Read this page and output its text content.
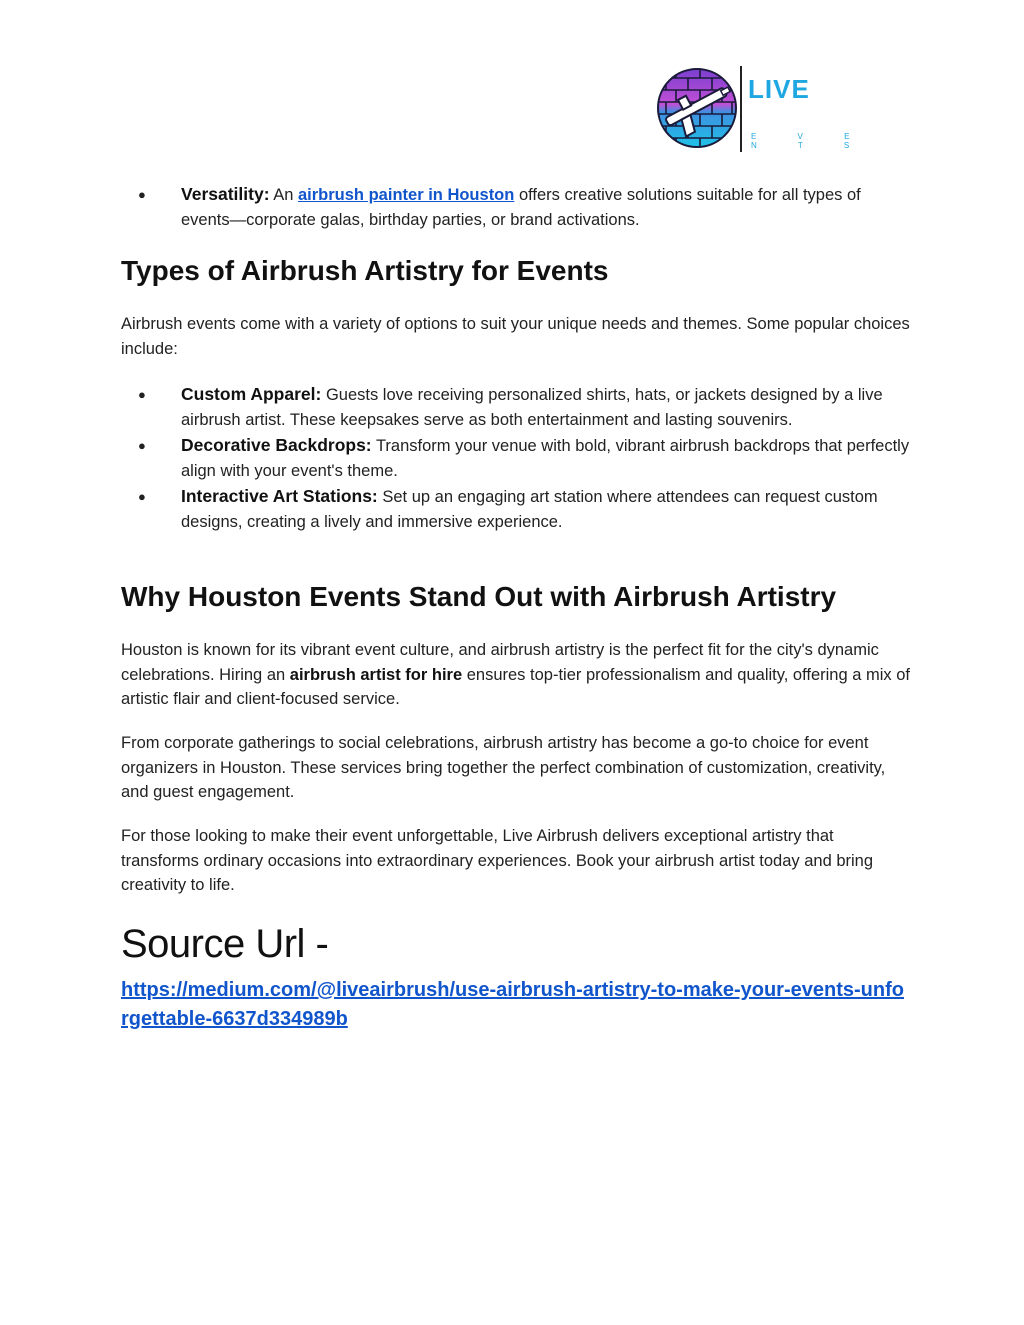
LIVE
E V E N T S
● Versatility: An airbrush painter in Houston offers creative solutions suitable for all types of events—corporate galas, birthday parties, or brand activations.
Types of Airbrush Artistry for Events

Airbrush events come with a variety of options to suit your unique needs and themes. Some popular choices include:

● Custom Apparel: Guests love receiving personalized shirts, hats, or jackets designed by a live airbrush artist. These keepsakes serve as both entertainment and lasting souvenirs.
● Decorative Backdrops: Transform your venue with bold, vibrant airbrush backdrops that perfectly align with your event's theme.
● Interactive Art Stations: Set up an engaging art station where attendees can request custom designs, creating a lively and immersive experience.
Why Houston Events Stand Out with Airbrush Artistry

Houston is known for its vibrant event culture, and airbrush artistry is the perfect fit for the city's dynamic celebrations. Hiring an airbrush artist for hire ensures top-tier professionalism and quality, offering a mix of artistic flair and client-focused service.

From corporate gatherings to social celebrations, airbrush artistry has become a go-to choice for event organizers in Houston. These services bring together the perfect combination of customization, creativity, and guest engagement.

For those looking to make their event unforgettable, Live Airbrush delivers exceptional artistry that transforms ordinary occasions into extraordinary experiences. Book your airbrush artist today and bring creativity to life.

Source Url -
https://medium.com/@liveairbrush/use-airbrush-artistry-to-make-your-events-unforgettable-6637d334989b
